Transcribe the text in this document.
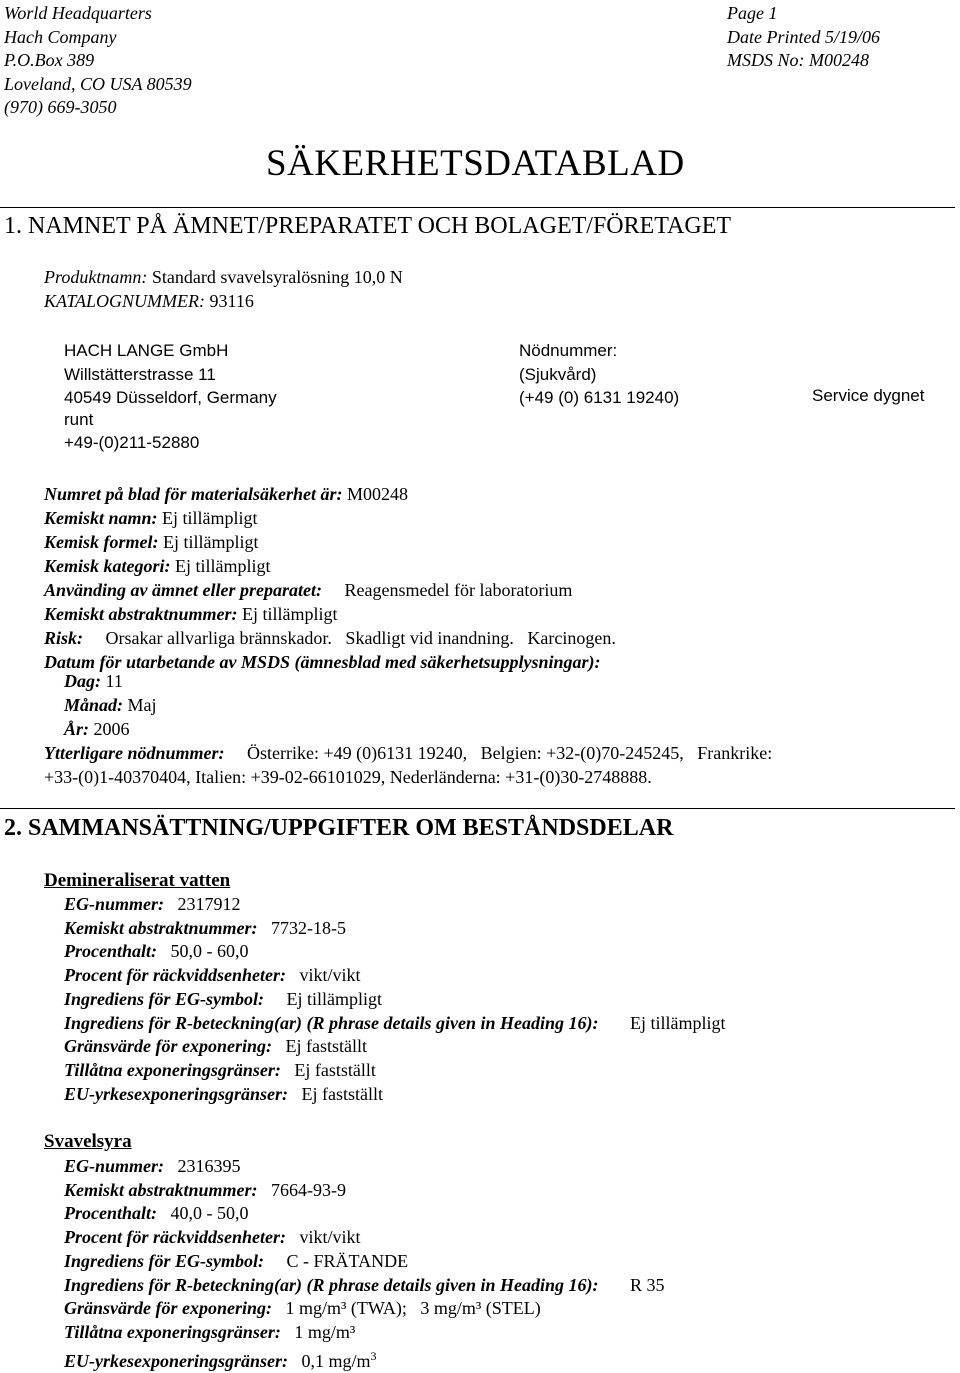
World Headquarters
Hach Company
P.O.Box 389
Loveland, CO USA 80539
(970) 669-3050
Page 1
Date Printed 5/19/06
MSDS No: M00248
SÄKERHETSDATABLAD
1. NAMNET PÅ ÄMNET/PREPARATET OCH BOLAGET/FÖRETAGET
Produktnamn: Standard svavelsyralösning 10,0 N
KATALOGNUMMER: 93116
HACH LANGE GmbH
Willstätterstrasse 11
40549 Düsseldorf, Germany
Nödnummer:
(Sjukvård)
(+49 (0) 6131 19240)	Service dygnet
runt
+49-(0)211-52880
Numret på blad för materialsäkerhet är: M00248
Kemiskt namn: Ej tillämpligt
Kemisk formel: Ej tillämpligt
Kemisk kategori: Ej tillämpligt
Använding av ämnet eller preparatet:     Reagensmedel för laboratorium
Kemiskt abstraktnummer: Ej tillämpligt
Risk:     Orsakar allvarliga brännskador.   Skadligt vid inandning.   Karcinogen.
Datum för utarbetande av MSDS (ämnesblad med säkerhetsupplysningar):
Dag: 11
Månad: Maj
År: 2006
Ytterligare nödnummer:     Österrike: +49 (0)6131 19240,   Belgien: +32-(0)70-245245,   Frankrike:
+33-(0)1-40370404, Italien: +39-02-66101029, Nederländerna: +31-(0)30-2748888.
2. SAMMANSÄTTNING/UPPGIFTER OM BESTÅNDSDELAR
Demineraliserat vatten
EG-nummer:   2317912
Kemiskt abstraktnummer:   7732-18-5
Procenthalt:   50,0 - 60,0
Procent för räckviddsenheter:   vikt/vikt
Ingrediens för EG-symbol:     Ej tillämpligt
Ingrediens för R-beteckning(ar) (R phrase details given in Heading 16):       Ej tillämpligt
Gränsvärde för exponering:   Ej fastställt
Tillåtna exponeringsgränser:   Ej fastställt
EU-yrkesexponeringsgränser:   Ej fastställt
Svavelsyra
EG-nummer:   2316395
Kemiskt abstraktnummer:   7664-93-9
Procenthalt:   40,0 - 50,0
Procent för räckviddsenheter:   vikt/vikt
Ingrediens för EG-symbol:     C - FRÄTANDE
Ingrediens för R-beteckning(ar) (R phrase details given in Heading 16):       R 35
Gränsvärde för exponering:   1 mg/m³ (TWA);   3 mg/m³ (STEL)
Tillåtna exponeringsgränser:   1 mg/m³
EU-yrkesexponeringsgränser:   0,1 $mg/m^3$
